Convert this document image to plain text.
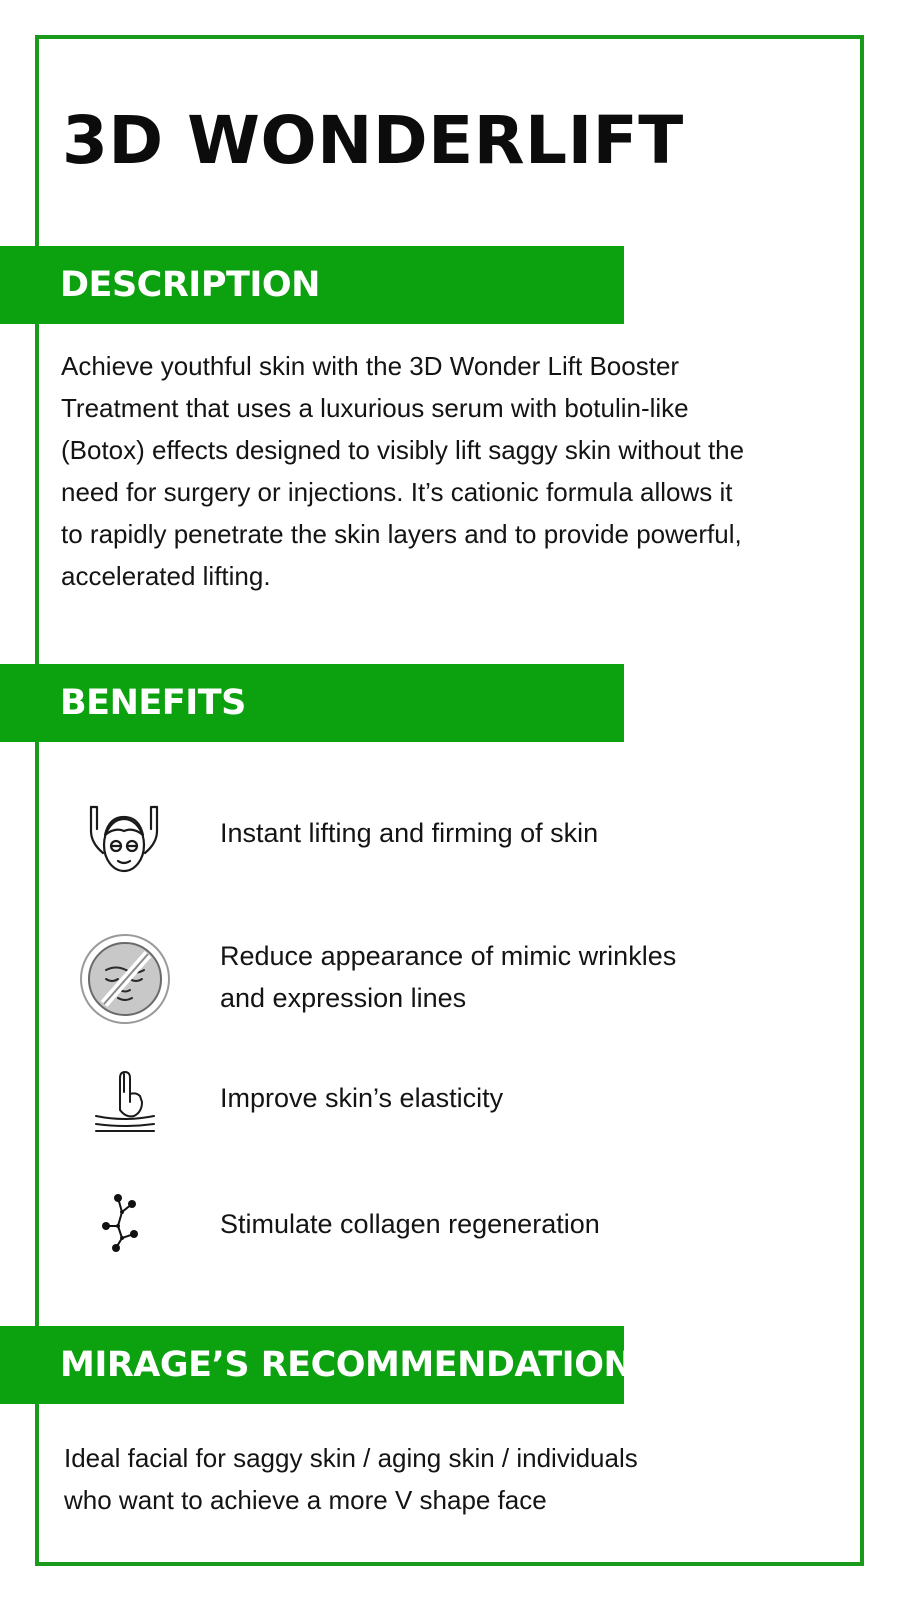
3D WONDERLIFT
DESCRIPTION

Achieve youthful skin with the 3D Wonder Lift Booster
Treatment that uses a luxurious serum with botulin-like
(Botox) effects designed to visibly lift saggy skin without the
need for surgery or injections. It’s cationic formula allows it
to rapidly penetrate the skin layers and to provide powerful,
accelerated lifting.

BENEFITS

Instant lifting and firming of skin

Reduce appearance of mimic wrinkles
and expression lines

Improve skin’s elasticity

Stimulate collagen regeneration

MIRAGE’S RECOMMENDATION

Ideal facial for saggy skin / aging skin / individuals
who want to achieve a more V shape face
